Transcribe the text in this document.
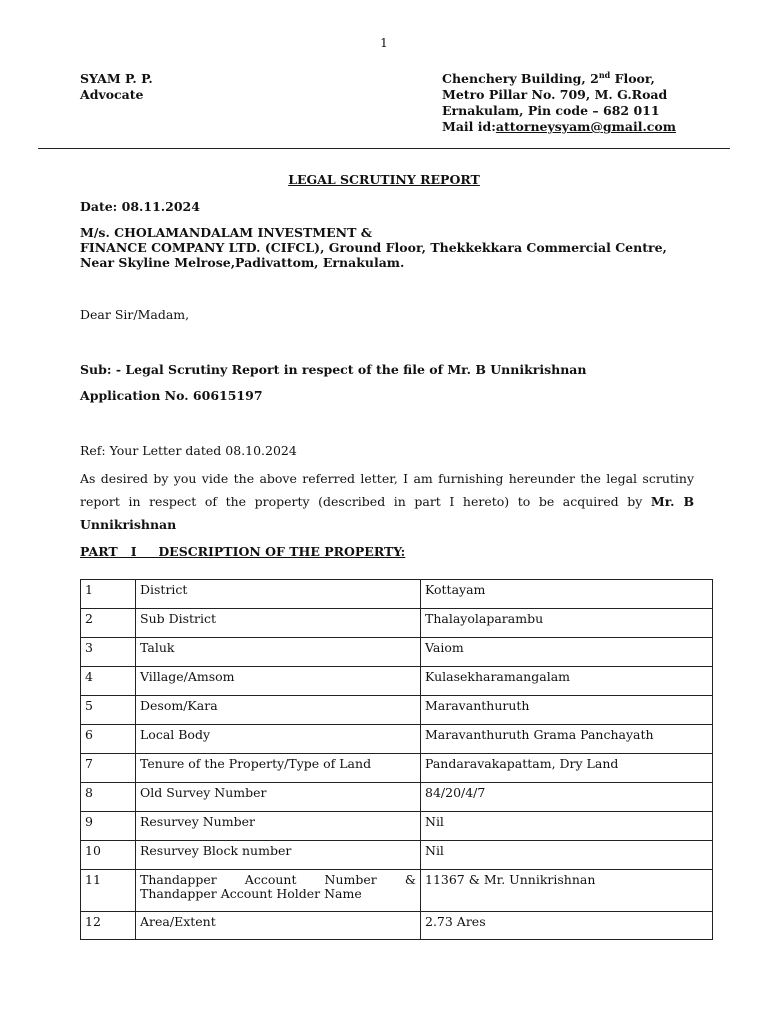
1
SYAM P. P.
Advocate
Chenchery Building, 2nd Floor,
Metro Pillar No. 709, M. G.Road
Ernakulam, Pin code – 682 011
Mail id:attorneysyam@gmail.com
LEGAL SCRUTINY REPORT
Date: 08.11.2024
M/s. CHOLAMANDALAM INVESTMENT &
FINANCE COMPANY LTD. (CIFCL), Ground Floor, Thekkekkara Commercial Centre,
Near Skyline Melrose,Padivattom, Ernakulam.
Dear Sir/Madam,
Sub: - Legal Scrutiny Report in respect of the file of Mr. B Unnikrishnan
Application No. 60615197
Ref: Your Letter dated 08.10.2024
As desired by you vide the above referred letter, I am furnishing hereunder the legal scrutiny report in respect of the property (described in part I hereto) to be acquired by Mr. B Unnikrishnan
PART   I     DESCRIPTION OF THE PROPERTY:
1	District	Kottayam
2	Sub District	Thalayolaparambu
3	Taluk	Vaiom
4	Village/Amsom	Kulasekharamangalam
5	Desom/Kara	Maravanthuruth
6	Local Body	Maravanthuruth Grama Panchayath
7	Tenure of the Property/Type of Land	Pandaravakapattam, Dry Land
8	Old Survey Number	84/20/4/7
9	Resurvey Number	Nil
10	Resurvey Block number	Nil
11	Thandapper Account Number &
Thandapper Account Holder Name	11367 & Mr. Unnikrishnan
12	Area/Extent	2.73 Ares
